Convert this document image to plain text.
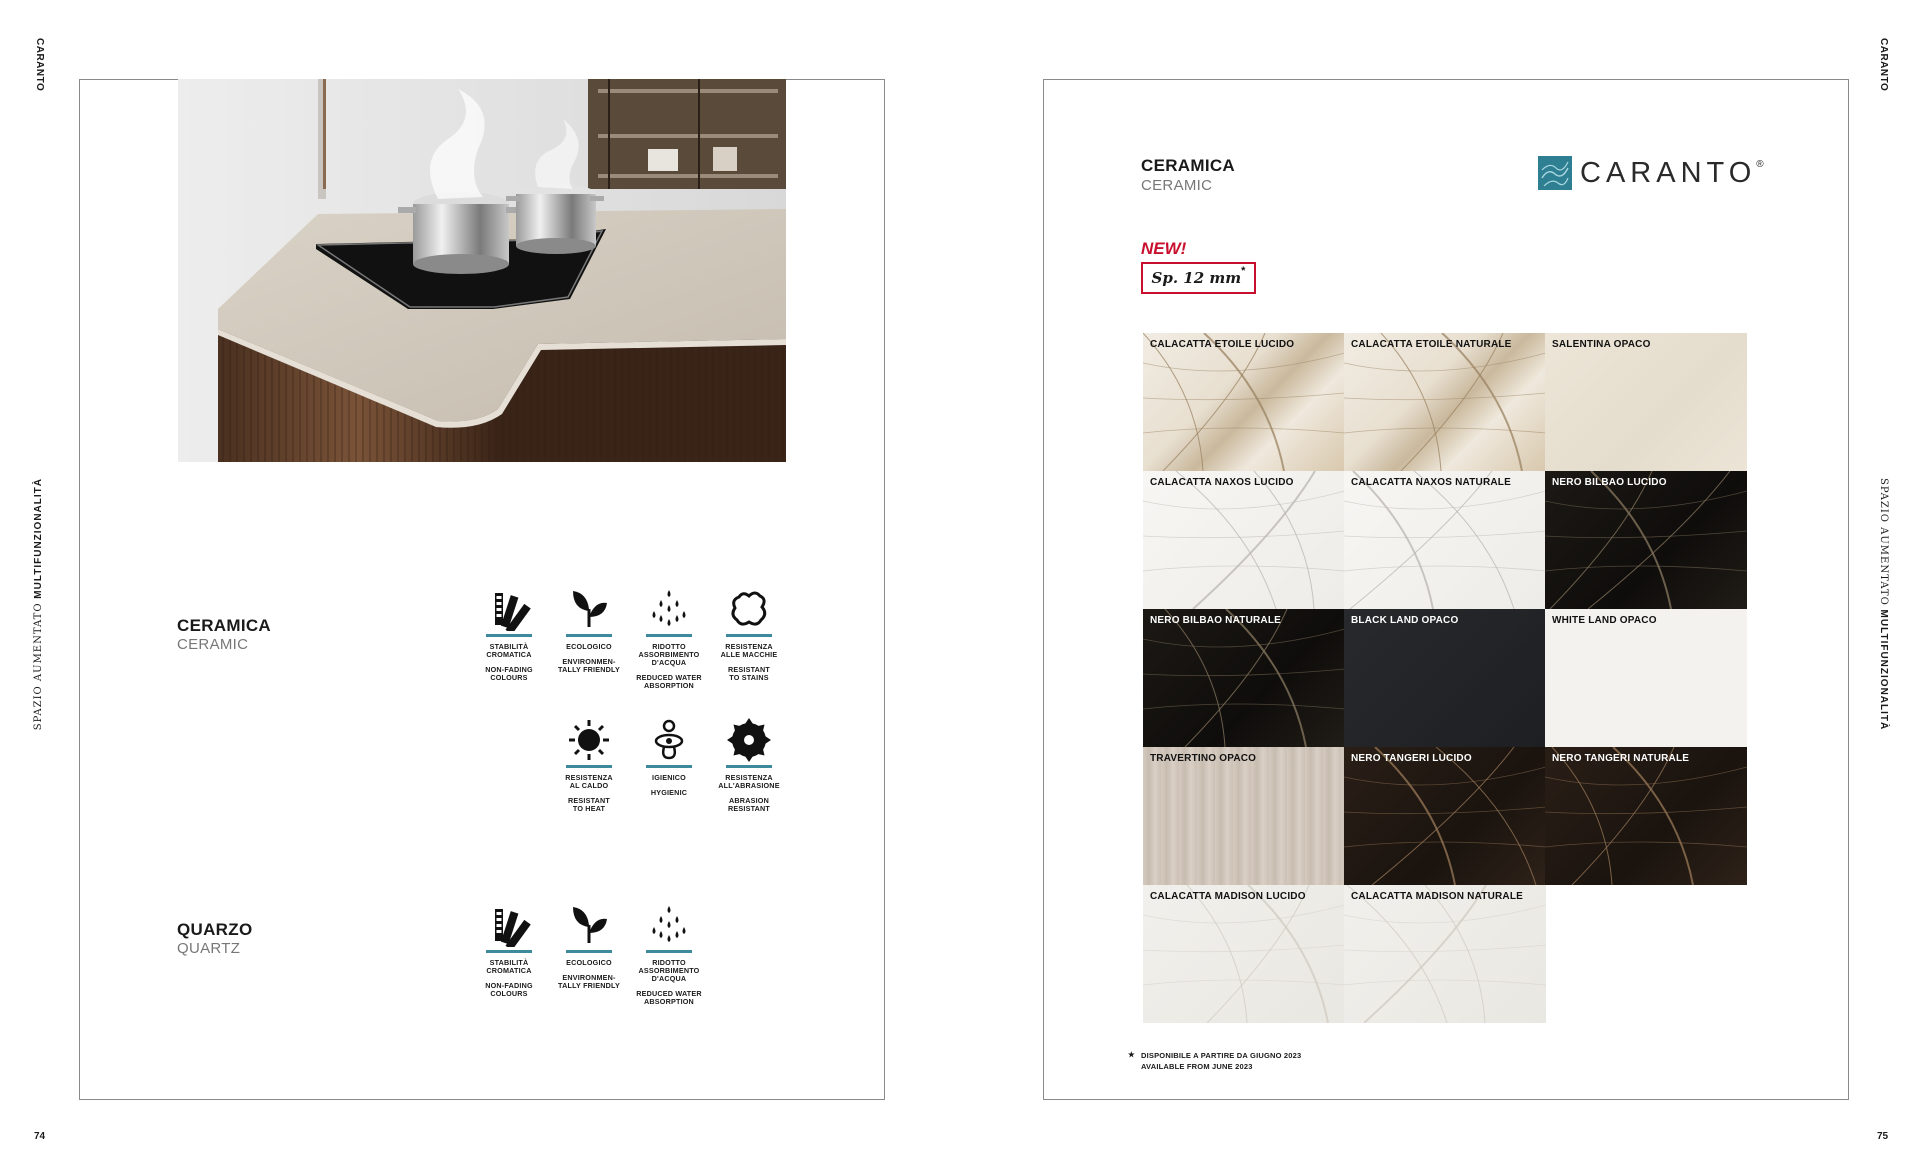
CARANTO
SPAZIO AUMENTATO MULTIFUNZIONALITÀ
74
CERAMICA
CERAMIC	STABILITÀ
CROMATICA
NON-FADING
COLOURS
ECOLOGICO
ENVIRONMEN-
TALLY FRIENDLY
RIDOTTO
ASSORBIMENTO
D'ACQUA
REDUCED WATER
ABSORPTION
RESISTENZA
ALLE MACCHIE
RESISTANT
TO STAINS
RESISTENZA
AL CALDO
RESISTANT
TO HEAT
IGIENICO
HYGIENIC
RESISTENZA
ALL'ABRASIONE
ABRASION
RESISTANT
QUARZO
QUARTZ
STABILITÀ
CROMATICA
NON-FADING
COLOURS
ECOLOGICO
ENVIRONMEN-
TALLY FRIENDLY
RIDOTTO
ASSORBIMENTO
D'ACQUA
REDUCED WATER
ABSORPTION
CARANTO
SPAZIO AUMENTATO MULTIFUNZIONALITÀ
75
CERAMICA
CERAMIC	CARANTO ®
NEW!
Sp. 12 mm *
CALACATTA ETOILE LUCIDO	CALACATTA ETOILE NATURALE	SALENTINA OPACO
CALACATTA NAXOS LUCIDO	CALACATTA NAXOS NATURALE	NERO BILBAO LUCIDO
NERO BILBAO NATURALE	BLACK LAND OPACO	WHITE LAND OPACO
TRAVERTINO OPACO	NERO TANGERI LUCIDO	NERO TANGERI NATURALE
CALACATTA MADISON LUCIDO	CALACATTA MADISON NATURALE
★ DISPONIBILE A PARTIRE DA GIUGNO 2023
AVAILABLE FROM JUNE 2023
